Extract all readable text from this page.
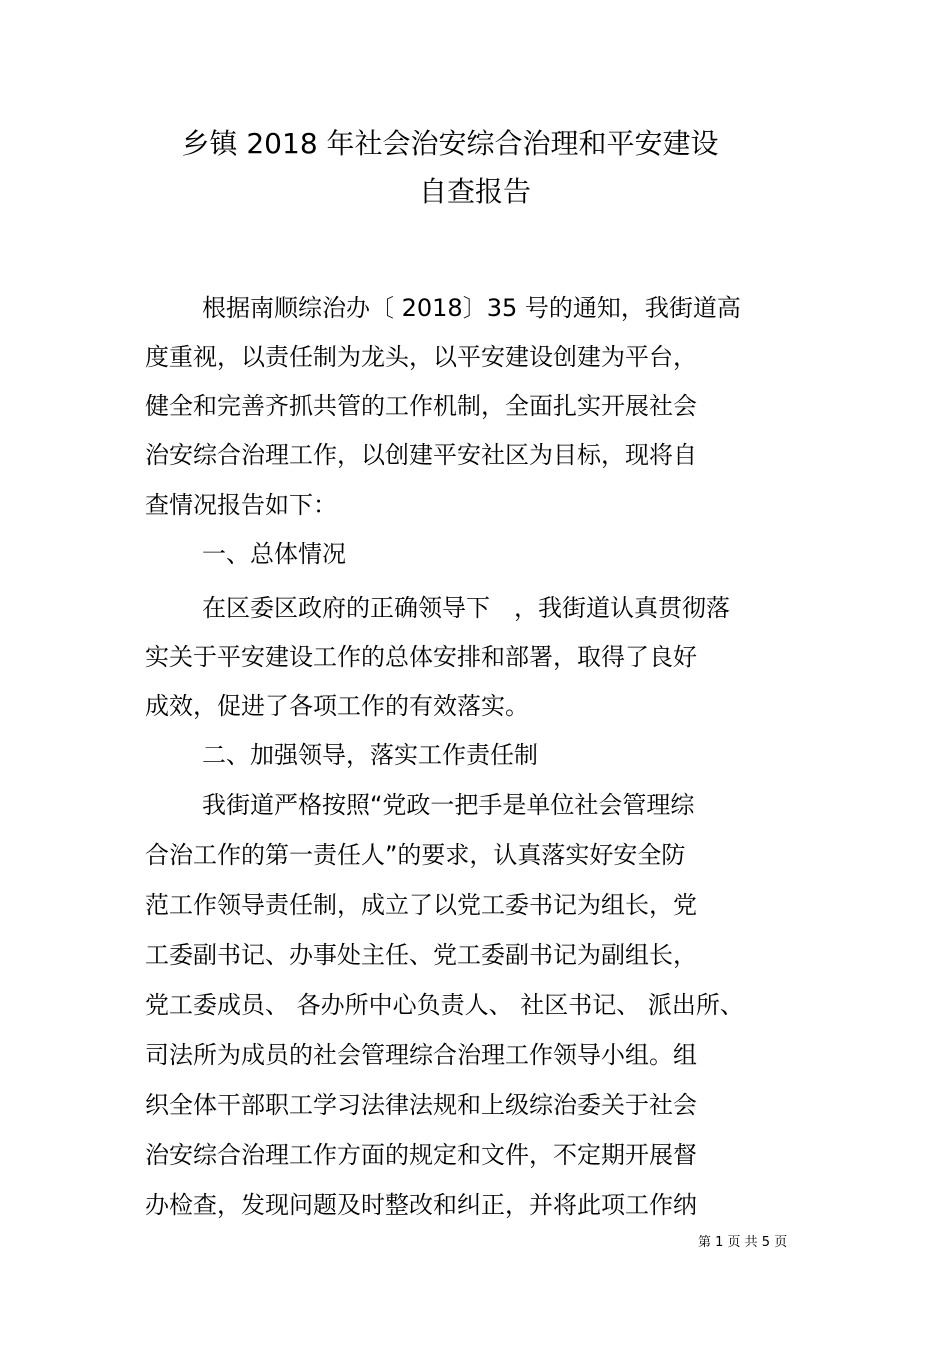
乡镇 2018 年社会治安综合治理和平安建设
自查报告
根据南顺综治办〔 2018〕35 号的通知，我街道高
度重视，以责任制为龙头，以平安建设创建为平台，
健全和完善齐抓共管的工作机制，全面扎实开展社会
治安综合治理工作，以创建平安社区为目标，现将自
查情况报告如下：
一、总体情况
在区委区政府的正确领导下　，我街道认真贯彻落
实关于平安建设工作的总体安排和部署，取得了良好
成效，促进了各项工作的有效落实。
二、加强领导，落实工作责任制
我街道严格按照“党政一把手是单位社会管理综
合治工作的第一责任人”的要求，认真落实好安全防
范工作领导责任制，成立了以党工委书记为组长，党
工委副书记、办事处主任、党工委副书记为副组长，
党工委成员、 各办所中心负责人、 社区书记、 派出所、
司法所为成员的社会管理综合治理工作领导小组。组
织全体干部职工学习法律法规和上级综治委关于社会
治安综合治理工作方面的规定和文件，不定期开展督
办检查，发现问题及时整改和纠正，并将此项工作纳
第 1 页 共 5 页
